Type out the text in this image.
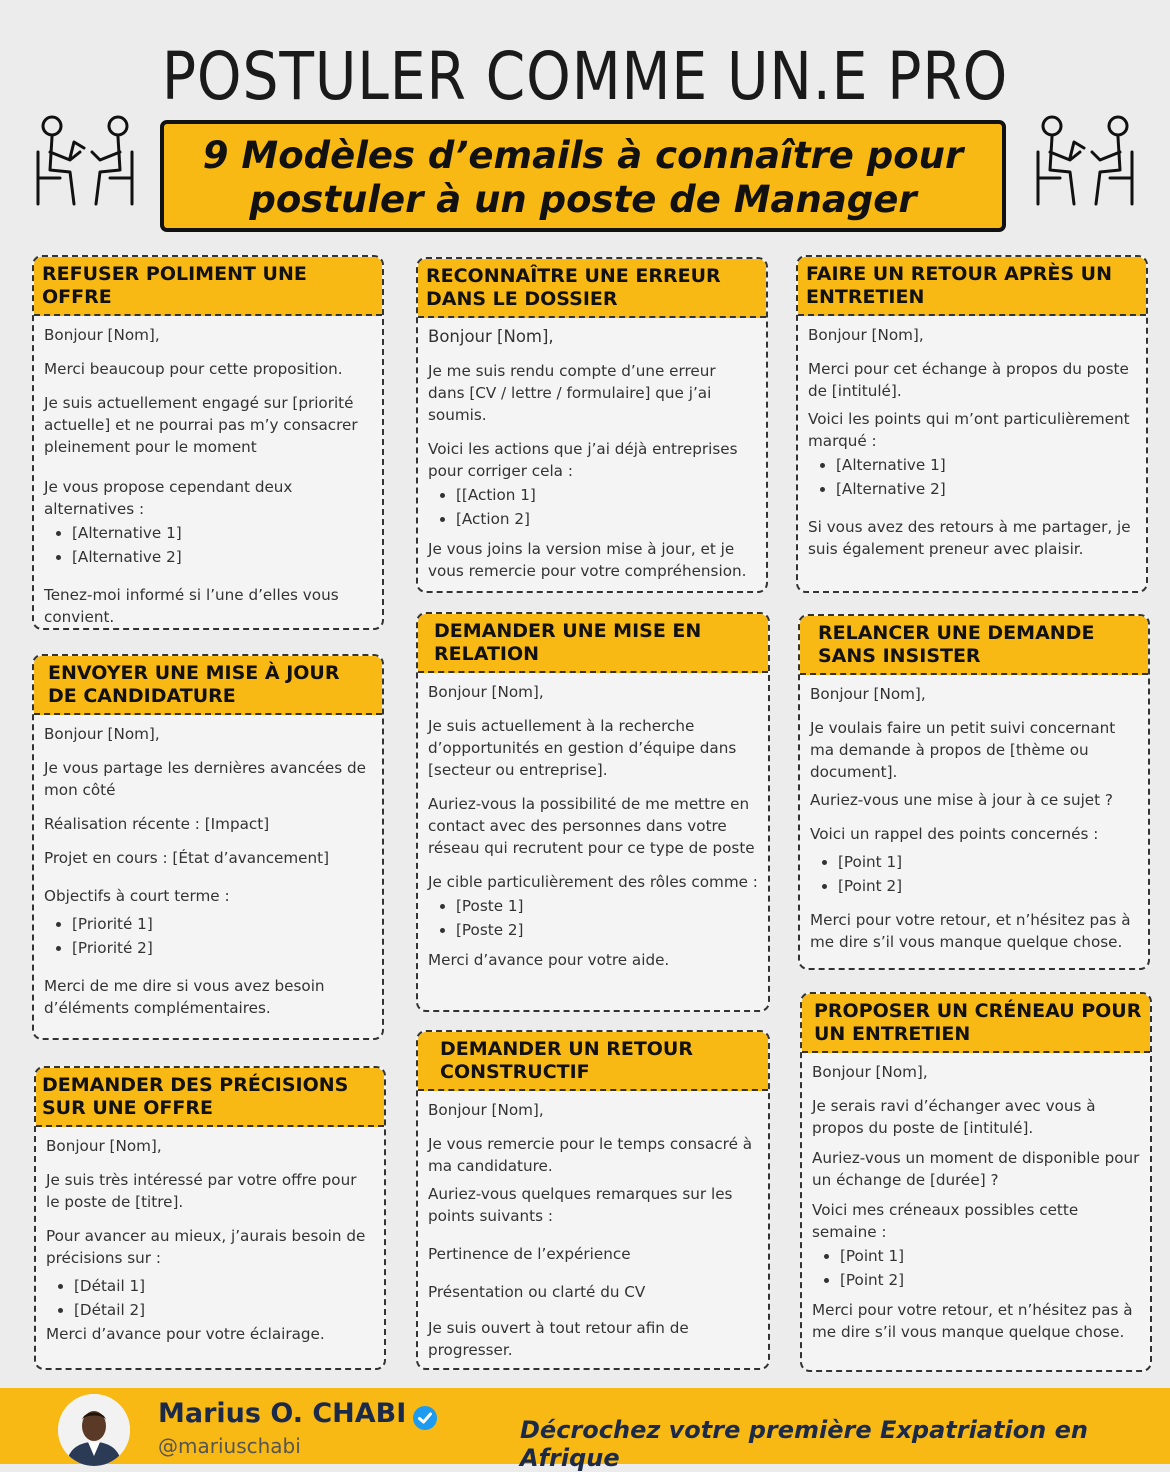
POSTULER COMME UN.E PRO
9 Modèles d’emails à connaître pour
postuler à un poste de Manager
REFUSER POLIMENT UNE OFFRE

Bonjour [Nom],

Merci beaucoup pour cette proposition.

Je suis actuellement engagé sur [priorité actuelle] et ne pourrai pas m’y consacrer pleinement pour le moment

Je vous propose cependant deux alternatives :

• [Alternative 1]
• [Alternative 2]

Tenez-moi informé si l’une d’elles vous convient.

RECONNAÎTRE UNE ERREUR DANS LE DOSSIER

Bonjour [Nom],

Je me suis rendu compte d’une erreur dans [CV / lettre / formulaire] que j’ai soumis.

Voici les actions que j’ai déjà entreprises pour corriger cela :

• [[Action 1]
• [Action 2]

Je vous joins la version mise à jour, et je vous remercie pour votre compréhension.

FAIRE UN RETOUR APRÈS UN ENTRETIEN

Bonjour [Nom],

Merci pour cet échange à propos du poste de [intitulé].

Voici les points qui m’ont particulièrement marqué :

• [Alternative 1]
• [Alternative 2]

Si vous avez des retours à me partager, je suis également preneur avec plaisir.

ENVOYER UNE MISE À JOUR DE CANDIDATURE

Bonjour [Nom],

Je vous partage les dernières avancées de mon côté

Réalisation récente : [Impact]

Projet en cours : [État d’avancement]

Objectifs à court terme :

• [Priorité 1]
• [Priorité 2]

Merci de me dire si vous avez besoin d’éléments complémentaires.

DEMANDER UNE MISE EN RELATION

Bonjour [Nom],

Je suis actuellement à la recherche d’opportunités en gestion d’équipe dans [secteur ou entreprise].

Auriez-vous la possibilité de me mettre en contact avec des personnes dans votre réseau qui recrutent pour ce type de poste

Je cible particulièrement des rôles comme :

• [Poste 1]
• [Poste 2]

Merci d’avance pour votre aide.

RELANCER UNE DEMANDE SANS INSISTER

Bonjour [Nom],

Je voulais faire un petit suivi concernant ma demande à propos de [thème ou document].

Auriez-vous une mise à jour à ce sujet ?

Voici un rappel des points concernés :

• [Point 1]
• [Point 2]

Merci pour votre retour, et n’hésitez pas à me dire s’il vous manque quelque chose.

DEMANDER DES PRÉCISIONS SUR UNE OFFRE

Bonjour [Nom],

Je suis très intéressé par votre offre pour le poste de [titre].

Pour avancer au mieux, j’aurais besoin de précisions sur :

• [Détail 1]
• [Détail 2]

Merci d’avance pour votre éclairage.

DEMANDER UN RETOUR CONSTRUCTIF

Bonjour [Nom],

Je vous remercie pour le temps consacré à ma candidature.

Auriez-vous quelques remarques sur les points suivants :

Pertinence de l’expérience

Présentation ou clarté du CV

Je suis ouvert à tout retour afin de progresser.

PROPOSER UN CRÉNEAU POUR UN ENTRETIEN

Bonjour [Nom],

Je serais ravi d’échanger avec vous à propos du poste de [intitulé].

Auriez-vous un moment de disponible pour un échange de [durée] ?

Voici mes créneaux possibles cette semaine :

• [Point 1]
• [Point 2]

Merci pour votre retour, et n’hésitez pas à me dire s’il vous manque quelque chose.

Marius O. CHABI
@mariuschabi
Décrochez votre première Expatriation en Afrique
